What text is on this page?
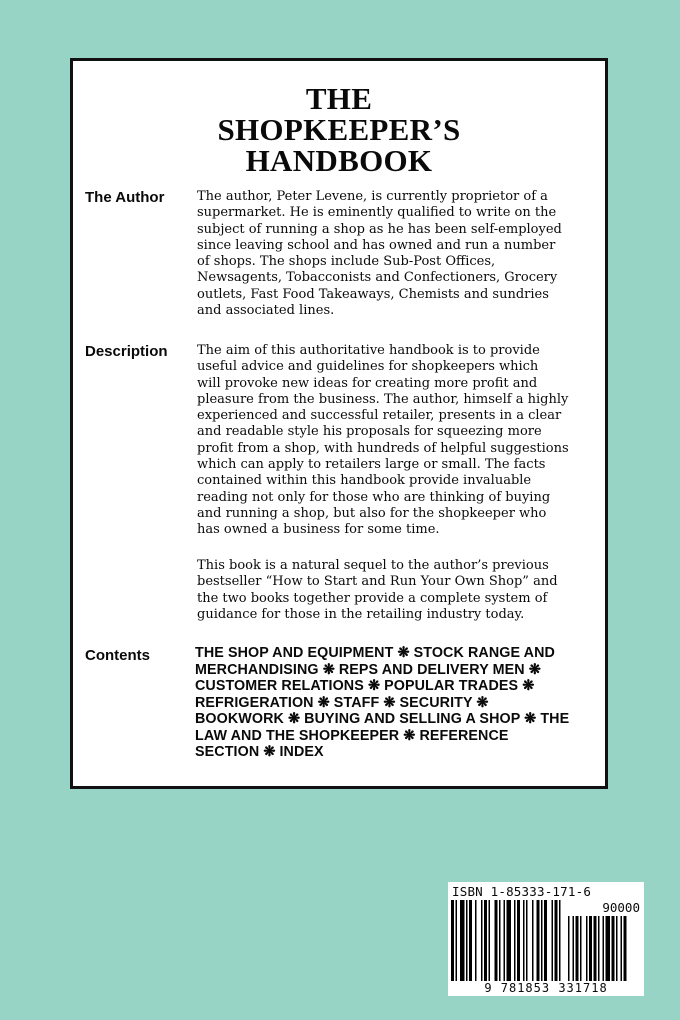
THE
SHOPKEEPER’S
HANDBOOK
The Author	The author, Peter Levene, is currently proprietor of a
supermarket. He is eminently qualified to write on the
subject of running a shop as he has been self-employed
since leaving school and has owned and run a number
of shops. The shops include Sub-Post Offices,
Newsagents, Tobacconists and Confectioners, Grocery
outlets, Fast Food Takeaways, Chemists and sundries
and associated lines.
Description The aim of this authoritative handbook is to provide
useful advice and guidelines for shopkeepers which
will provoke new ideas for creating more profit and
pleasure from the business. The author, himself a highly
experienced and successful retailer, presents in a clear
and readable style his proposals for squeezing more
profit from a shop, with hundreds of helpful suggestions
which can apply to retailers large or small. The facts
contained within this handbook provide invaluable
reading not only for those who are thinking of buying
and running a shop, but also for the shopkeeper who
has owned a business for some time.
This book is a natural sequel to the author’s previous
bestseller “How to Start and Run Your Own Shop” and
the two books together provide a complete system of
guidance for those in the retailing industry today.
Contents	THE SHOP AND EQUIPMENT ❋ STOCK RANGE AND
MERCHANDISING ❋ REPS AND DELIVERY MEN ❋
CUSTOMER RELATIONS ❋ POPULAR TRADES ❋
REFRIGERATION ❋ STAFF ❋ SECURITY ❋
BOOKWORK ❋ BUYING AND SELLING A SHOP ❋ THE
LAW AND THE SHOPKEEPER ❋ REFERENCE
SECTION ❋ INDEX
ISBN 1-85333-171-6
90000
9 781853 331718
